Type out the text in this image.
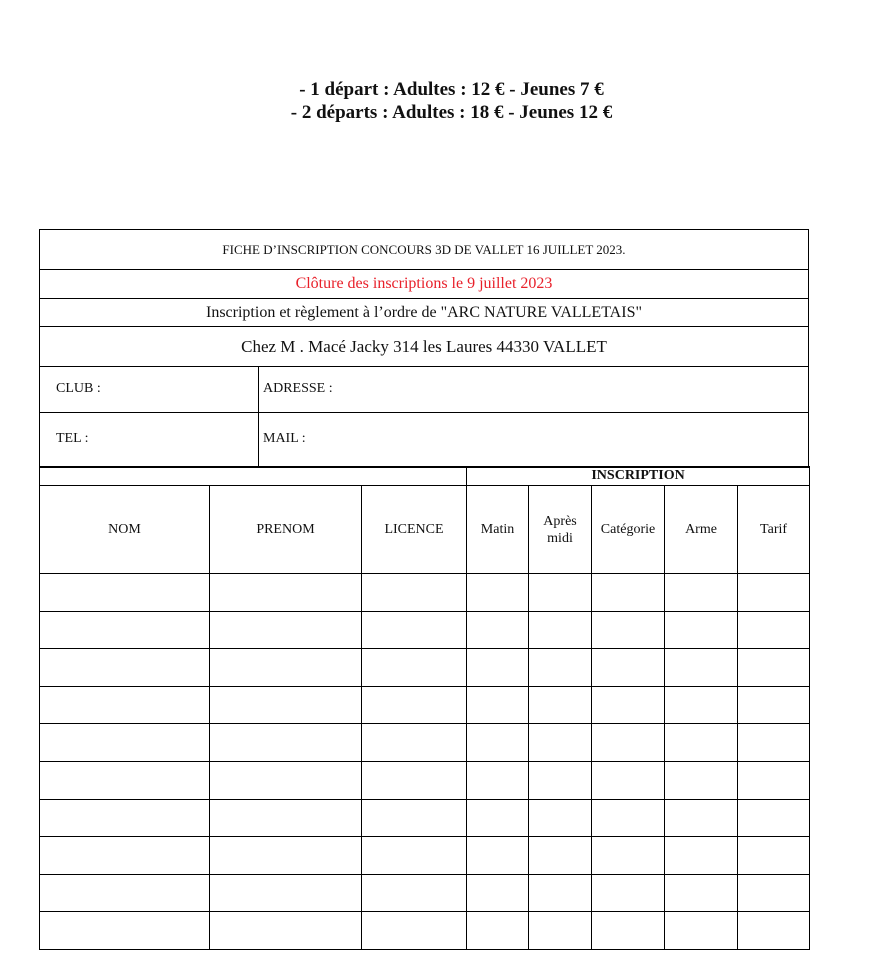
- 1 départ : Adultes : 12 € - Jeunes 7 €
- 2 départs : Adultes : 18 € - Jeunes 12 €
FICHE D’INSCRIPTION CONCOURS 3D DE VALLET 16 JUILLET 2023.
Clôture des inscriptions le 9 juillet 2023
Inscription et règlement à l’ordre de "ARC NATURE VALLETAIS"
Chez M . Macé Jacky 314 les Laures 44330 VALLET
CLUB :	ADRESSE :
TEL :	MAIL :
			INSCRIPTION				
NOM	PRENOM	LICENCE	Matin	Après midi	Catégorie	Arme	Tarif
